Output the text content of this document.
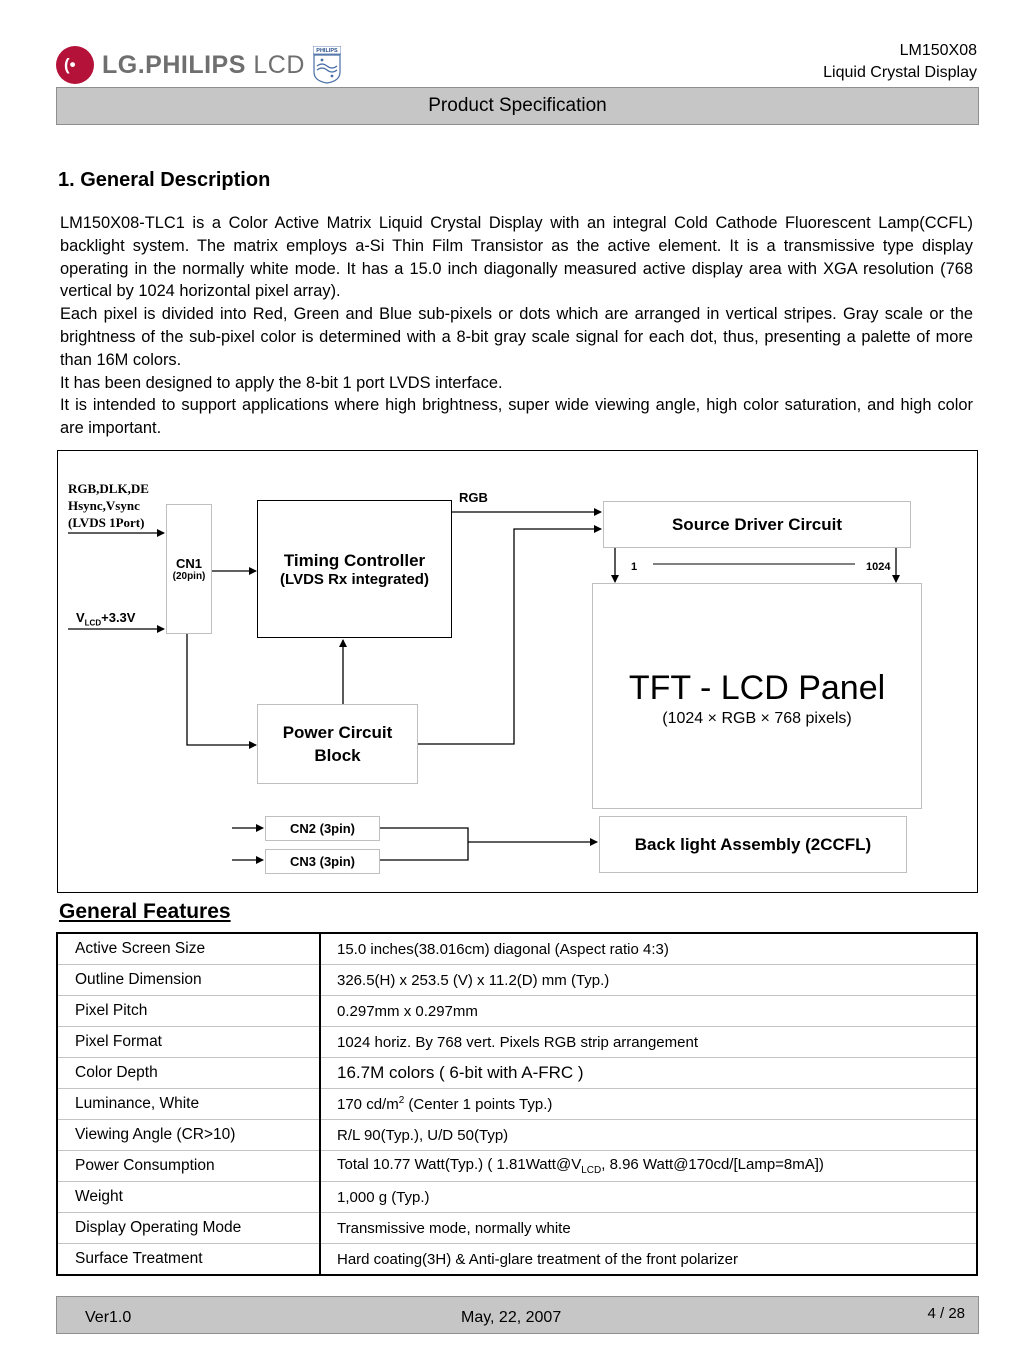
(• LG.PHILIPS LCD PHILIPS	LM150X08
Liquid Crystal Display
Product Specification
1. General Description

LM150X08-TLC1 is a Color Active Matrix Liquid Crystal Display with an integral Cold Cathode Fluorescent Lamp(CCFL) backlight system. The matrix employs a-Si Thin Film Transistor as the active element. It is a transmissive type display operating in the normally white mode. It has a 15.0 inch diagonally measured active display area with XGA resolution (768 vertical by 1024 horizontal pixel array).

Each pixel is divided into Red, Green and Blue sub-pixels or dots which are arranged in vertical stripes. Gray scale or the brightness of the sub-pixel color is determined with a 8-bit gray scale signal for each dot, thus, presenting a palette of more than 16M colors.

It has been designed to apply the 8-bit 1 port LVDS interface.

It is intended to support applications where high brightness, super wide viewing angle, high color saturation, and high color are important.

RGB,DLK,DE
Hsync,Vsync
(LVDS 1Port)
$V_{LCD}+3.3V$
CN1
(20pin)
Timing Controller
(LVDS Rx integrated)
RGB
Source Driver Circuit
1	1024
TFT - LCD Panel
(1024 × RGB × 768 pixels)
Power Circuit
Block
CN2 (3pin)
CN3 (3pin)
Back light Assembly (2CCFL)
General Features
Active Screen Size	15.0 inches(38.016cm) diagonal (Aspect ratio 4:3)
Outline Dimension	326.5(H) x 253.5 (V) x 11.2(D) mm (Typ.)
Pixel Pitch	0.297mm x 0.297mm
Pixel Format	1024 horiz. By 768 vert. Pixels RGB strip arrangement
Color Depth	16.7M colors ( 6-bit with A-FRC )
Luminance, White	170 $cd/m^2$ (Center 1 points Typ.)
Viewing Angle (CR>10)	R/L 90(Typ.), U/D 50(Typ)
Power Consumption	Total 10.77 Watt(Typ.) ( $1.81Watt@V_{LCD}$, 8.96 Watt@170cd/[Lamp=8mA])
Weight	1,000 g (Typ.)
Display Operating Mode	Transmissive mode, normally white
Surface Treatment	Hard coating(3H) & Anti-glare treatment of the front polarizer
Ver1.0	May, 22, 2007	4 / 28
